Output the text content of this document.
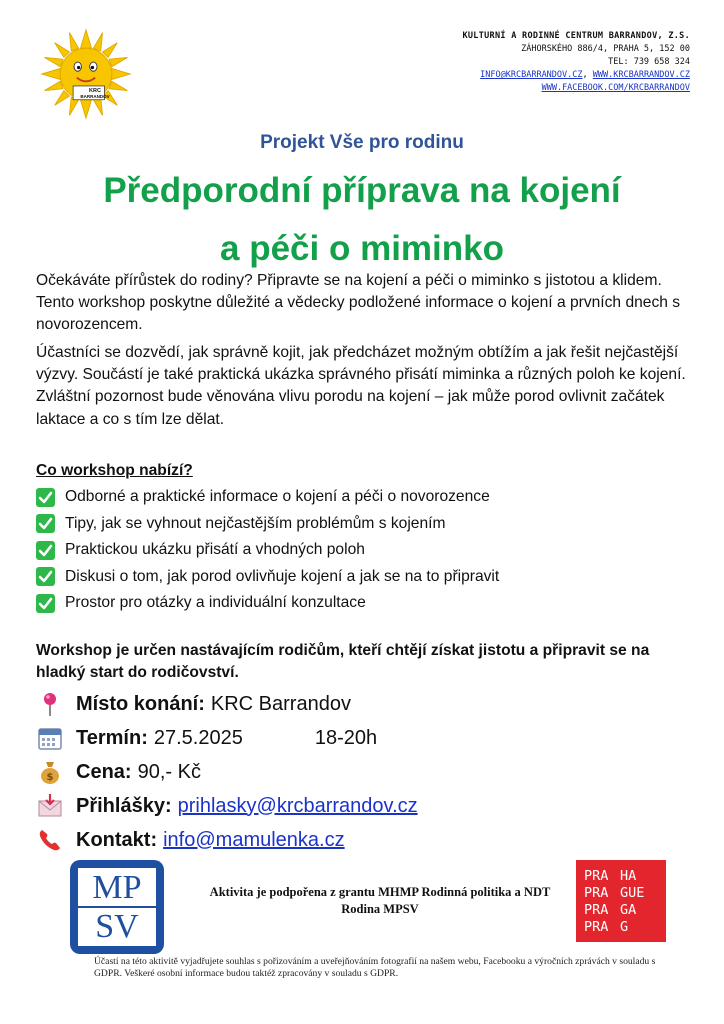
KRC
BARRANDOV
KULTURNÍ A RODINNÉ CENTRUM BARRANDOV, Z.S.
ZÁHORSKÉHO 886/4, PRAHA 5, 152 00
TEL: 739 658 324
INFO@KRCBARRANDOV.CZ, WWW.KRCBARRANDOV.CZ
WWW.FACEBOOK.COM/KRCBARRANDOV
Projekt Vše pro rodinu
Předporodní příprava na kojení
a péči o miminko
Očekáváte přírůstek do rodiny? Připravte se na kojení a péči o miminko s jistotou a klidem. Tento workshop poskytne důležité a vědecky podložené informace o kojení a prvních dnech s novorozencem.
Účastníci se dozvědí, jak správně kojit, jak předcházet možným obtížím a jak řešit nejčastější výzvy. Součástí je také praktická ukázka správného přisátí miminka a různých poloh ke kojení. Zvláštní pozornost bude věnována vlivu porodu na kojení – jak může porod ovlivnit začátek laktace a co s tím lze dělat.
Co workshop nabízí?
Odborné a praktické informace o kojení a péči o novorozence
Tipy, jak se vyhnout nejčastějším problémům s kojením
Praktickou ukázku přisátí a vhodných poloh
Diskusi o tom, jak porod ovlivňuje kojení a jak se na to připravit
Prostor pro otázky a individuální konzultace
Workshop je určen nastávajícím rodičům, kteří chtějí získat jistotu a připravit se na hladký start do rodičovství.
Místo konání: KRC Barrandov
Termín: 27.5.2025	18-20h
$ Cena: 90,- Kč
Přihlášky: prihlasky@krcbarrandov.cz
Kontakt: info@mamulenka.cz
MP
SV
Aktivita je podpořena z grantu MHMP Rodinná politika a NDT Rodina MPSV
PRA HA
PRA GUE
PRA GA
PRA G
Účastí na této aktivitě vyjadřujete souhlas s pořizováním a uveřejňováním fotografií na našem webu, Facebooku a výročních zprávách v souladu s GDPR. Veškeré osobní informace budou taktéž zpracovány v souladu s GDPR.
